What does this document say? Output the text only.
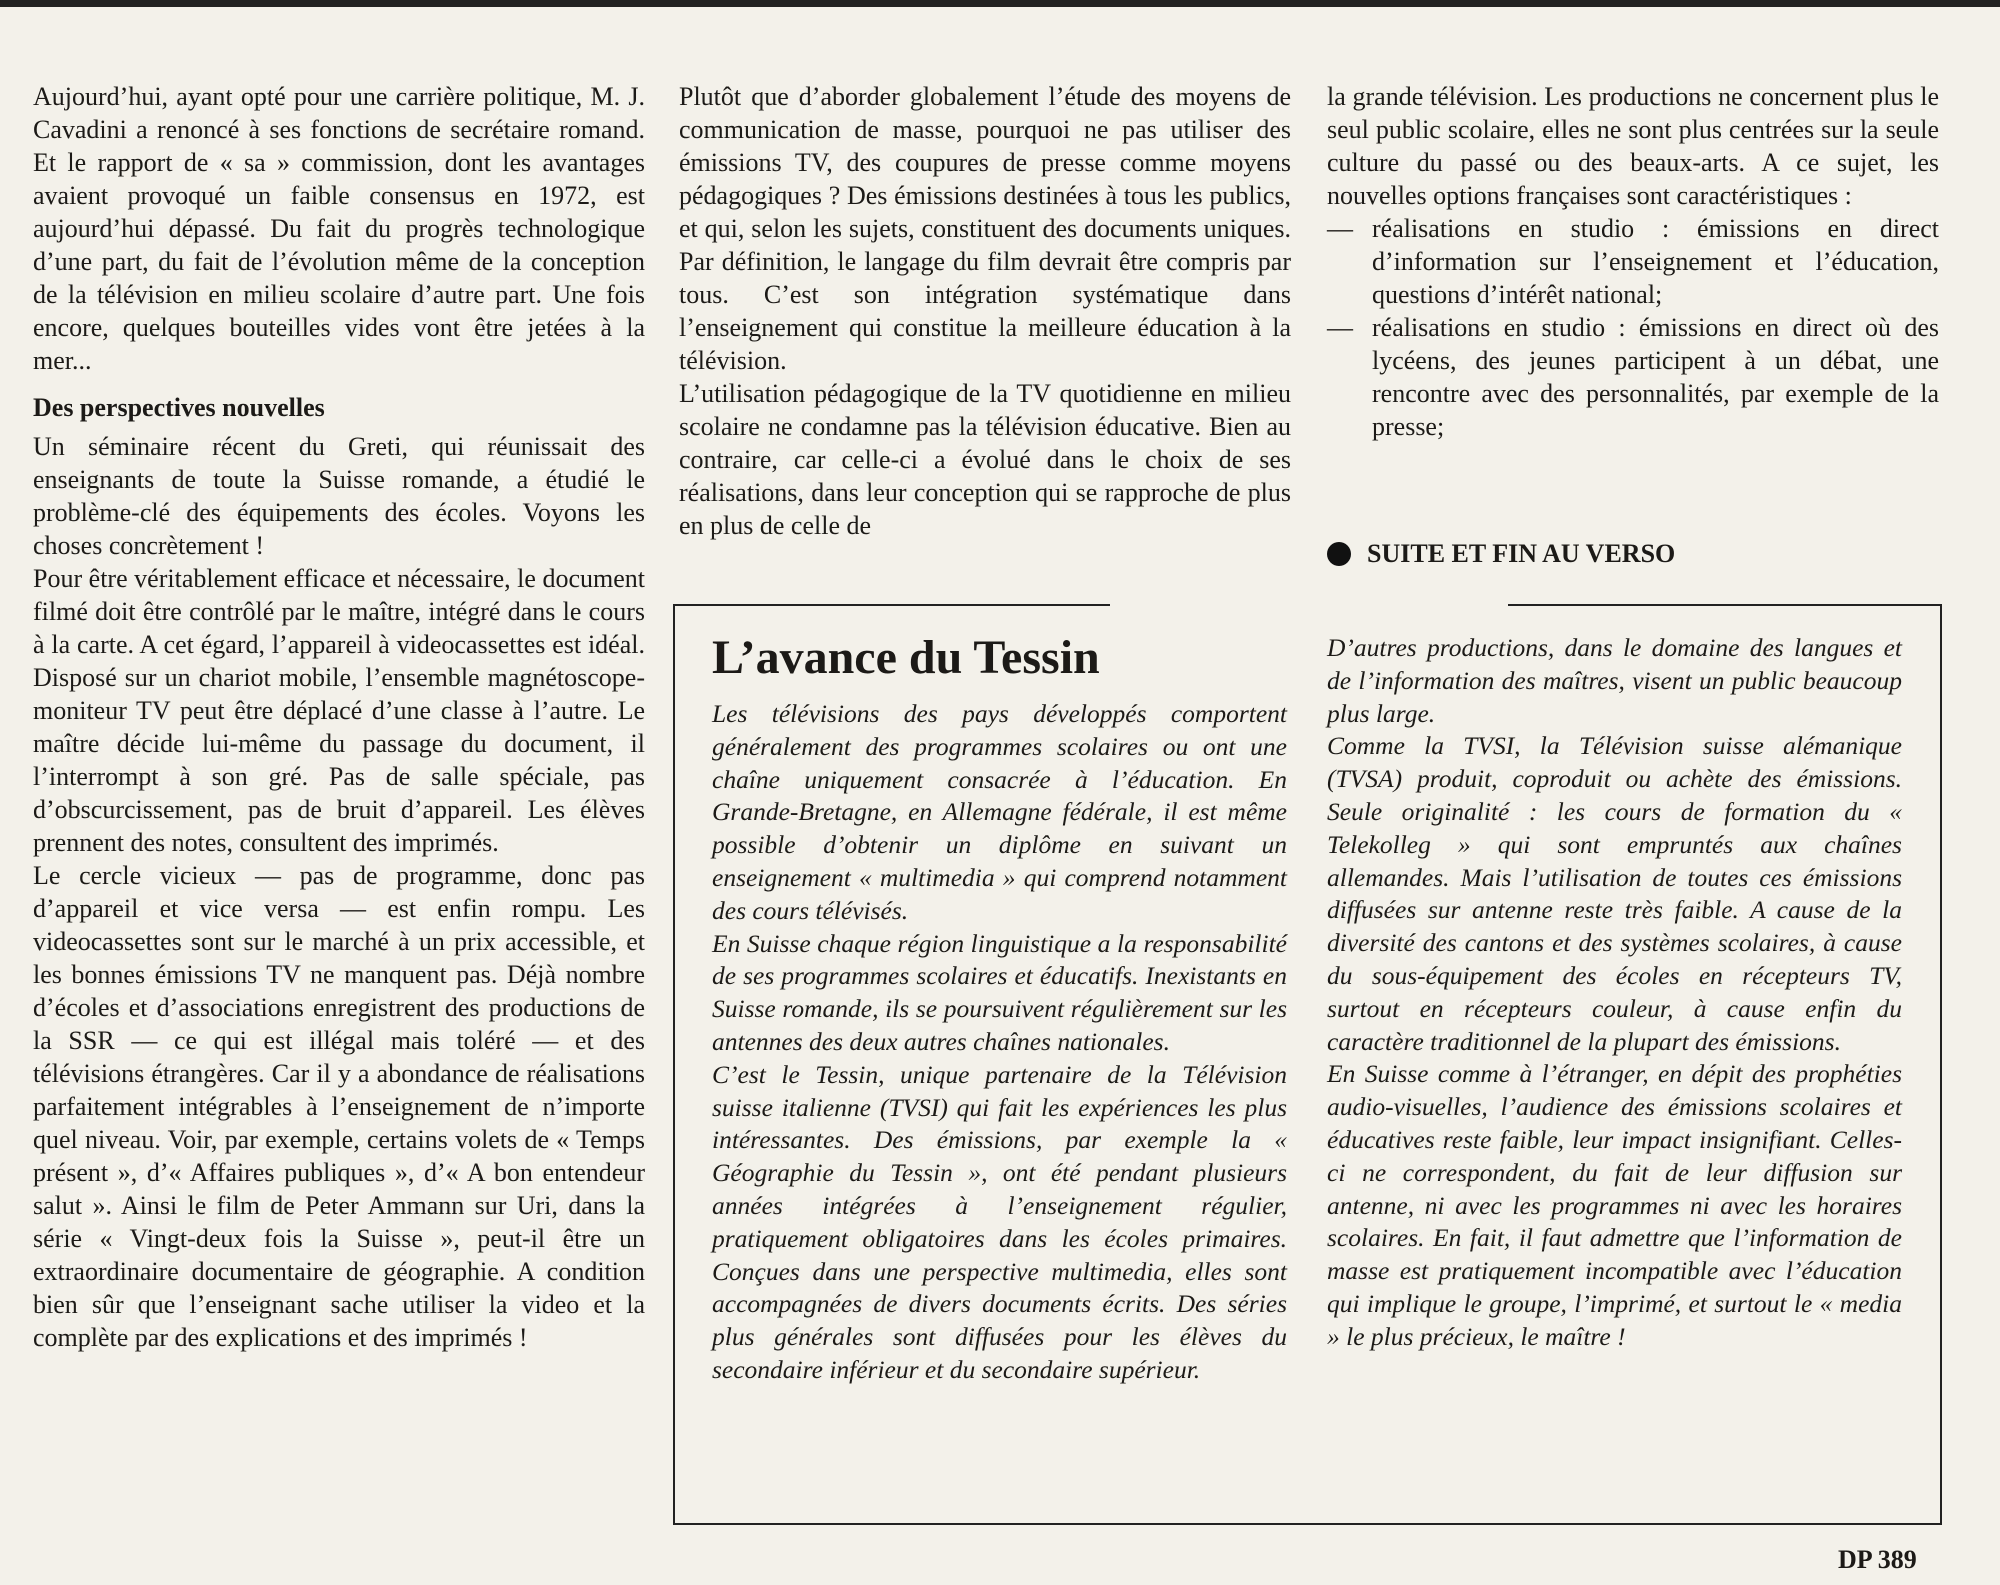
Aujourd’hui, ayant opté pour une carrière politique, M. J. Cavadini a renoncé à ses fonctions de secrétaire romand. Et le rapport de « sa » commission, dont les avantages avaient provoqué un faible consensus en 1972, est aujourd’hui dépassé. Du fait du progrès technologique d’une part, du fait de l’évolution même de la conception de la télévision en milieu scolaire d’autre part. Une fois encore, quelques bouteilles vides vont être jetées à la mer...

Des perspectives nouvelles

Un séminaire récent du Greti, qui réunissait des enseignants de toute la Suisse romande, a étudié le problème-clé des équipements des écoles. Voyons les choses concrètement !

Pour être véritablement efficace et nécessaire, le document filmé doit être contrôlé par le maître, intégré dans le cours à la carte. A cet égard, l’appareil à videocassettes est idéal. Disposé sur un chariot mobile, l’ensemble magnétoscope-moniteur TV peut être déplacé d’une classe à l’autre. Le maître décide lui-même du passage du document, il l’interrompt à son gré. Pas de salle spéciale, pas d’obscurcissement, pas de bruit d’appareil. Les élèves prennent des notes, consultent des imprimés.

Le cercle vicieux — pas de programme, donc pas d’appareil et vice versa — est enfin rompu. Les videocassettes sont sur le marché à un prix accessible, et les bonnes émissions TV ne manquent pas. Déjà nombre d’écoles et d’associations enregistrent des productions de la SSR — ce qui est illégal mais toléré — et des télévisions étrangères. Car il y a abondance de réalisations parfaitement intégrables à l’enseignement de n’importe quel niveau. Voir, par exemple, certains volets de « Temps présent », d’« Affaires publiques », d’« A bon entendeur salut ». Ainsi le film de Peter Ammann sur Uri, dans la série « Vingt-deux fois la Suisse », peut-il être un extraordinaire documentaire de géographie. A condition bien sûr que l’enseignant sache utiliser la video et la complète par des explications et des imprimés !

Plutôt que d’aborder globalement l’étude des moyens de communication de masse, pourquoi ne pas utiliser des émissions TV, des coupures de presse comme moyens pédagogiques ? Des émissions destinées à tous les publics, et qui, selon les sujets, constituent des documents uniques. Par définition, le langage du film devrait être compris par tous. C’est son intégration systématique dans l’enseignement qui constitue la meilleure éducation à la télévision.

L’utilisation pédagogique de la TV quotidienne en milieu scolaire ne condamne pas la télévision éducative. Bien au contraire, car celle-ci a évolué dans le choix de ses réalisations, dans leur conception qui se rapproche de plus en plus de celle de

la grande télévision. Les productions ne concernent plus le seul public scolaire, elles ne sont plus centrées sur la seule culture du passé ou des beaux-arts. A ce sujet, les nouvelles options françaises sont caractéristiques :

— réalisations en studio : émissions en direct d’information sur l’enseignement et l’éducation, questions d’intérêt national;
— réalisations en studio : émissions en direct où des lycéens, des jeunes participent à un débat, une rencontre avec des personnalités, par exemple de la presse;
SUITE ET FIN AU VERSO
L’avance du Tessin

Les télévisions des pays développés comportent généralement des programmes scolaires ou ont une chaîne uniquement consacrée à l’éducation. En Grande-Bretagne, en Allemagne fédérale, il est même possible d’obtenir un diplôme en suivant un enseignement « multimedia » qui comprend notamment des cours télévisés.

En Suisse chaque région linguistique a la responsabilité de ses programmes scolaires et éducatifs. Inexistants en Suisse romande, ils se poursuivent régulièrement sur les antennes des deux autres chaînes nationales.

C’est le Tessin, unique partenaire de la Télévision suisse italienne (TVSI) qui fait les expériences les plus intéressantes. Des émissions, par exemple la « Géographie du Tessin », ont été pendant plusieurs années intégrées à l’enseignement régulier, pratiquement obligatoires dans les écoles primaires. Conçues dans une perspective multimedia, elles sont accompagnées de divers documents écrits. Des séries plus générales sont diffusées pour les élèves du secondaire inférieur et du secondaire supérieur.

D’autres productions, dans le domaine des langues et de l’information des maîtres, visent un public beaucoup plus large.

Comme la TVSI, la Télévision suisse alémanique (TVSA) produit, coproduit ou achète des émissions. Seule originalité : les cours de formation du « Telekolleg » qui sont empruntés aux chaînes allemandes. Mais l’utilisation de toutes ces émissions diffusées sur antenne reste très faible. A cause de la diversité des cantons et des systèmes scolaires, à cause du sous-équipement des écoles en récepteurs TV, surtout en récepteurs couleur, à cause enfin du caractère traditionnel de la plupart des émissions.

En Suisse comme à l’étranger, en dépit des prophéties audio-visuelles, l’audience des émissions scolaires et éducatives reste faible, leur impact insignifiant. Celles-ci ne correspondent, du fait de leur diffusion sur antenne, ni avec les programmes ni avec les horaires scolaires. En fait, il faut admettre que l’information de masse est pratiquement incompatible avec l’éducation qui implique le groupe, l’imprimé, et surtout le « media » le plus précieux, le maître !

DP 389
